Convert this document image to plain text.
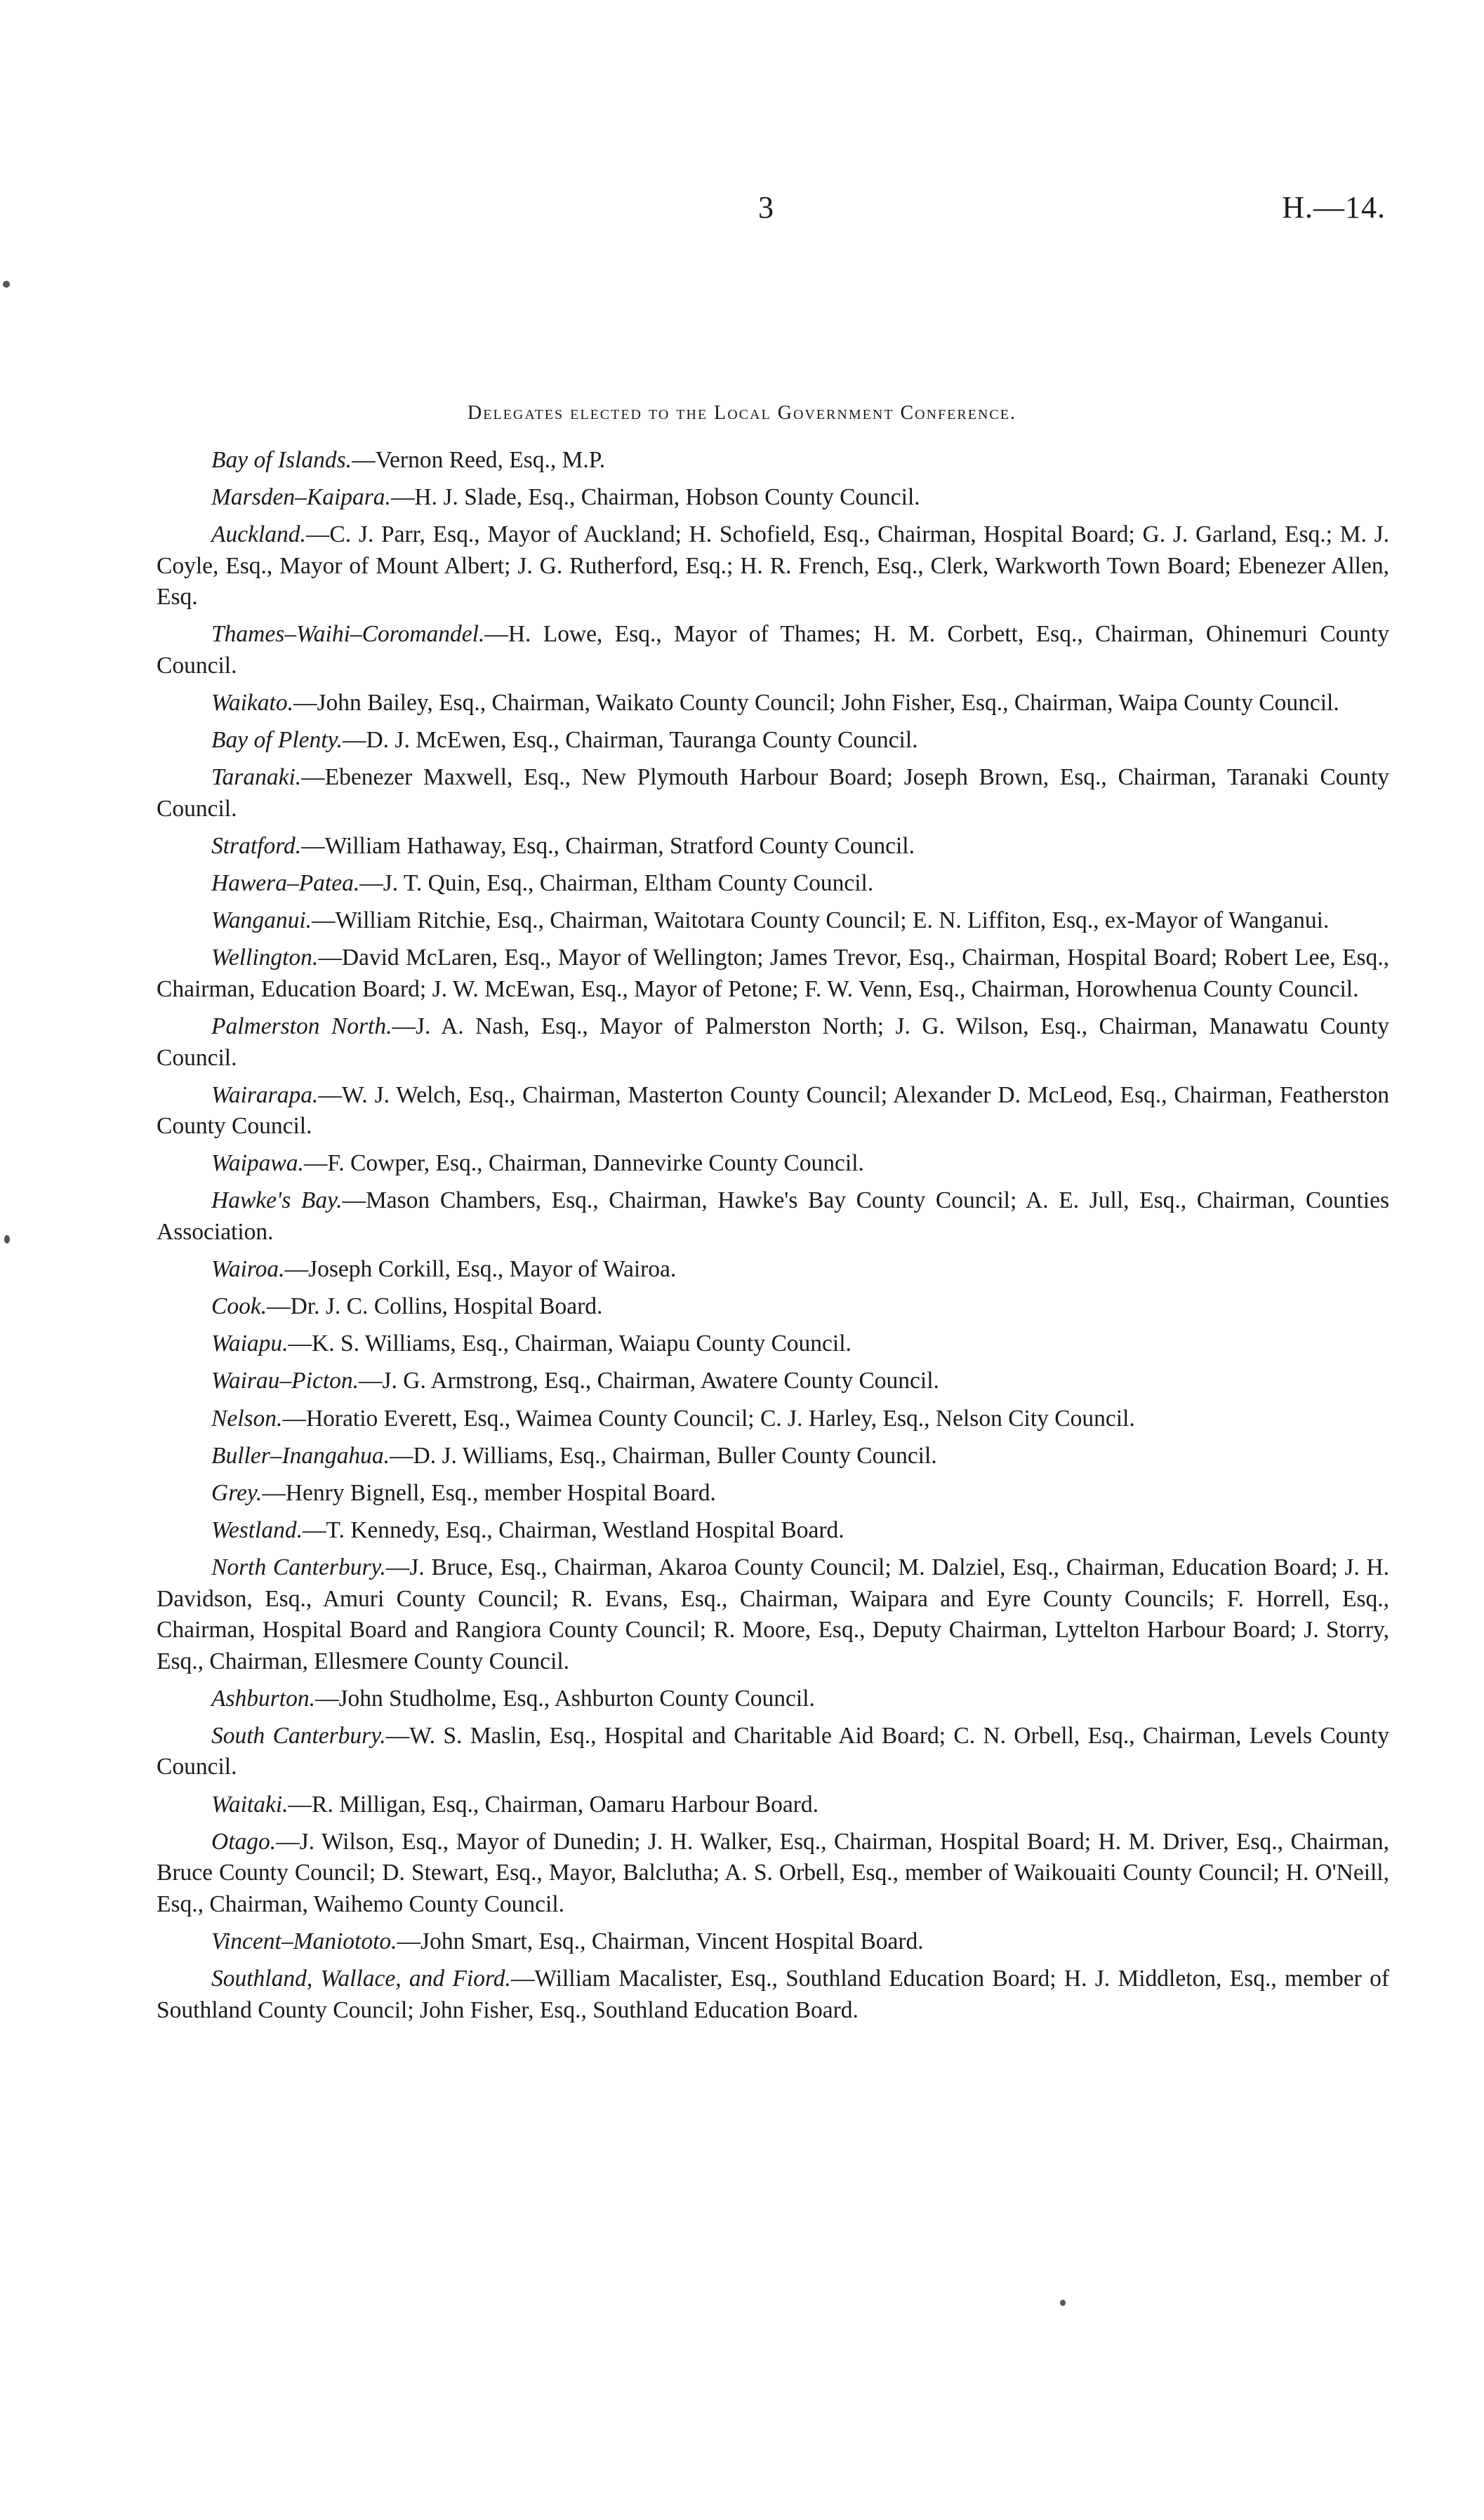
3	H.—14.
Delegates elected to the Local Government Conference.

Bay of Islands.—Vernon Reed, Esq., M.P.

Marsden–Kaipara.—H. J. Slade, Esq., Chairman, Hobson County Council.

Auckland.—C. J. Parr, Esq., Mayor of Auckland; H. Schofield, Esq., Chairman, Hospital Board; G. J. Garland, Esq.; M. J. Coyle, Esq., Mayor of Mount Albert; J. G. Rutherford, Esq.; H. R. French, Esq., Clerk, Warkworth Town Board; Ebenezer Allen, Esq.

Thames–Waihi–Coromandel.—H. Lowe, Esq., Mayor of Thames; H. M. Corbett, Esq., Chairman, Ohinemuri County Council.

Waikato.—John Bailey, Esq., Chairman, Waikato County Council; John Fisher, Esq., Chairman, Waipa County Council.

Bay of Plenty.—D. J. McEwen, Esq., Chairman, Tauranga County Council.

Taranaki.—Ebenezer Maxwell, Esq., New Plymouth Harbour Board; Joseph Brown, Esq., Chairman, Taranaki County Council.

Stratford.—William Hathaway, Esq., Chairman, Stratford County Council.

Hawera–Patea.—J. T. Quin, Esq., Chairman, Eltham County Council.

Wanganui.—William Ritchie, Esq., Chairman, Waitotara County Council; E. N. Liffiton, Esq., ex-Mayor of Wanganui.

Wellington.—David McLaren, Esq., Mayor of Wellington; James Trevor, Esq., Chairman, Hospital Board; Robert Lee, Esq., Chairman, Education Board; J. W. McEwan, Esq., Mayor of Petone; F. W. Venn, Esq., Chairman, Horowhenua County Council.

Palmerston North.—J. A. Nash, Esq., Mayor of Palmerston North; J. G. Wilson, Esq., Chairman, Manawatu County Council.

Wairarapa.—W. J. Welch, Esq., Chairman, Masterton County Council; Alexander D. McLeod, Esq., Chairman, Featherston County Council.

Waipawa.—F. Cowper, Esq., Chairman, Dannevirke County Council.

Hawke's Bay.—Mason Chambers, Esq., Chairman, Hawke's Bay County Council; A. E. Jull, Esq., Chairman, Counties Association.

Wairoa.—Joseph Corkill, Esq., Mayor of Wairoa.

Cook.—Dr. J. C. Collins, Hospital Board.

Waiapu.—K. S. Williams, Esq., Chairman, Waiapu County Council.

Wairau–Picton.—J. G. Armstrong, Esq., Chairman, Awatere County Council.

Nelson.—Horatio Everett, Esq., Waimea County Council; C. J. Harley, Esq., Nelson City Council.

Buller–Inangahua.—D. J. Williams, Esq., Chairman, Buller County Council.

Grey.—Henry Bignell, Esq., member Hospital Board.

Westland.—T. Kennedy, Esq., Chairman, Westland Hospital Board.

North Canterbury.—J. Bruce, Esq., Chairman, Akaroa County Council; M. Dalziel, Esq., Chairman, Education Board; J. H. Davidson, Esq., Amuri County Council; R. Evans, Esq., Chairman, Waipara and Eyre County Councils; F. Horrell, Esq., Chairman, Hospital Board and Rangiora County Council; R. Moore, Esq., Deputy Chairman, Lyttelton Harbour Board; J. Storry, Esq., Chairman, Ellesmere County Council.

Ashburton.—John Studholme, Esq., Ashburton County Council.

South Canterbury.—W. S. Maslin, Esq., Hospital and Charitable Aid Board; C. N. Orbell, Esq., Chairman, Levels County Council.

Waitaki.—R. Milligan, Esq., Chairman, Oamaru Harbour Board.

Otago.—J. Wilson, Esq., Mayor of Dunedin; J. H. Walker, Esq., Chairman, Hospital Board; H. M. Driver, Esq., Chairman, Bruce County Council; D. Stewart, Esq., Mayor, Balclutha; A. S. Orbell, Esq., member of Waikouaiti County Council; H. O'Neill, Esq., Chairman, Waihemo County Council.

Vincent–Maniototo.—John Smart, Esq., Chairman, Vincent Hospital Board.

Southland, Wallace, and Fiord.—William Macalister, Esq., Southland Education Board; H. J. Middleton, Esq., member of Southland County Council; John Fisher, Esq., Southland Education Board.
